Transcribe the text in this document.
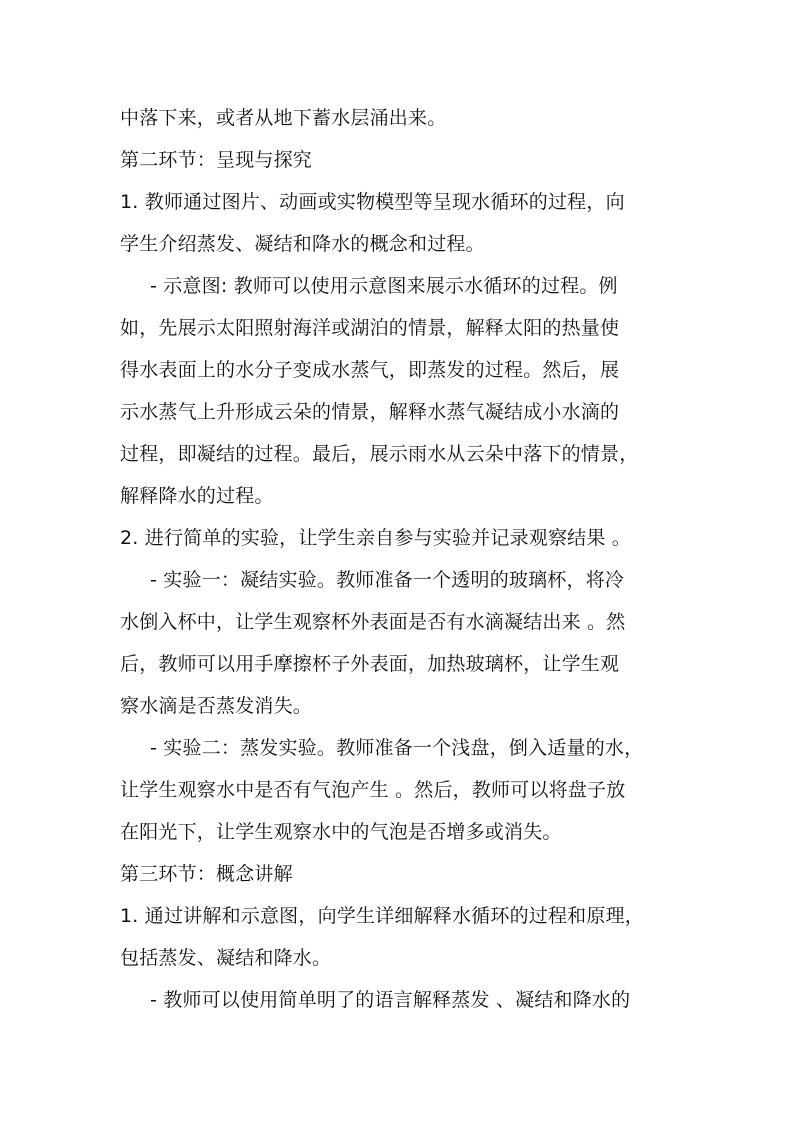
中落下来，或者从地下蓄水层涌出来。
第二环节：呈现与探究
1. 教师通过图片、动画或实物模型等呈现水循环的过程，向
学生介绍蒸发、凝结和降水的概念和过程。
- 示意图: 教师可以使用示意图来展示水循环的过程。例
如，先展示太阳照射海洋或湖泊的情景，解释太阳的热量使
得水表面上的水分子变成水蒸气，即蒸发的过程。然后，展
示水蒸气上升形成云朵的情景，解释水蒸气凝结成小水滴的
过程，即凝结的过程。最后，展示雨水从云朵中落下的情景，
解释降水的过程。
2. 进行简单的实验，让学生亲自参与实验并记录观察结果 。
- 实验一：凝结实验。教师准备一个透明的玻璃杯，将冷
水倒入杯中，让学生观察杯外表面是否有水滴凝结出来 。然
后，教师可以用手摩擦杯子外表面，加热玻璃杯，让学生观
察水滴是否蒸发消失。
- 实验二：蒸发实验。教师准备一个浅盘，倒入适量的水，
让学生观察水中是否有气泡产生 。然后，教师可以将盘子放
在阳光下，让学生观察水中的气泡是否增多或消失。
第三环节：概念讲解
1. 通过讲解和示意图，向学生详细解释水循环的过程和原理，
包括蒸发、凝结和降水。
- 教师可以使用简单明了的语言解释蒸发 、凝结和降水的
